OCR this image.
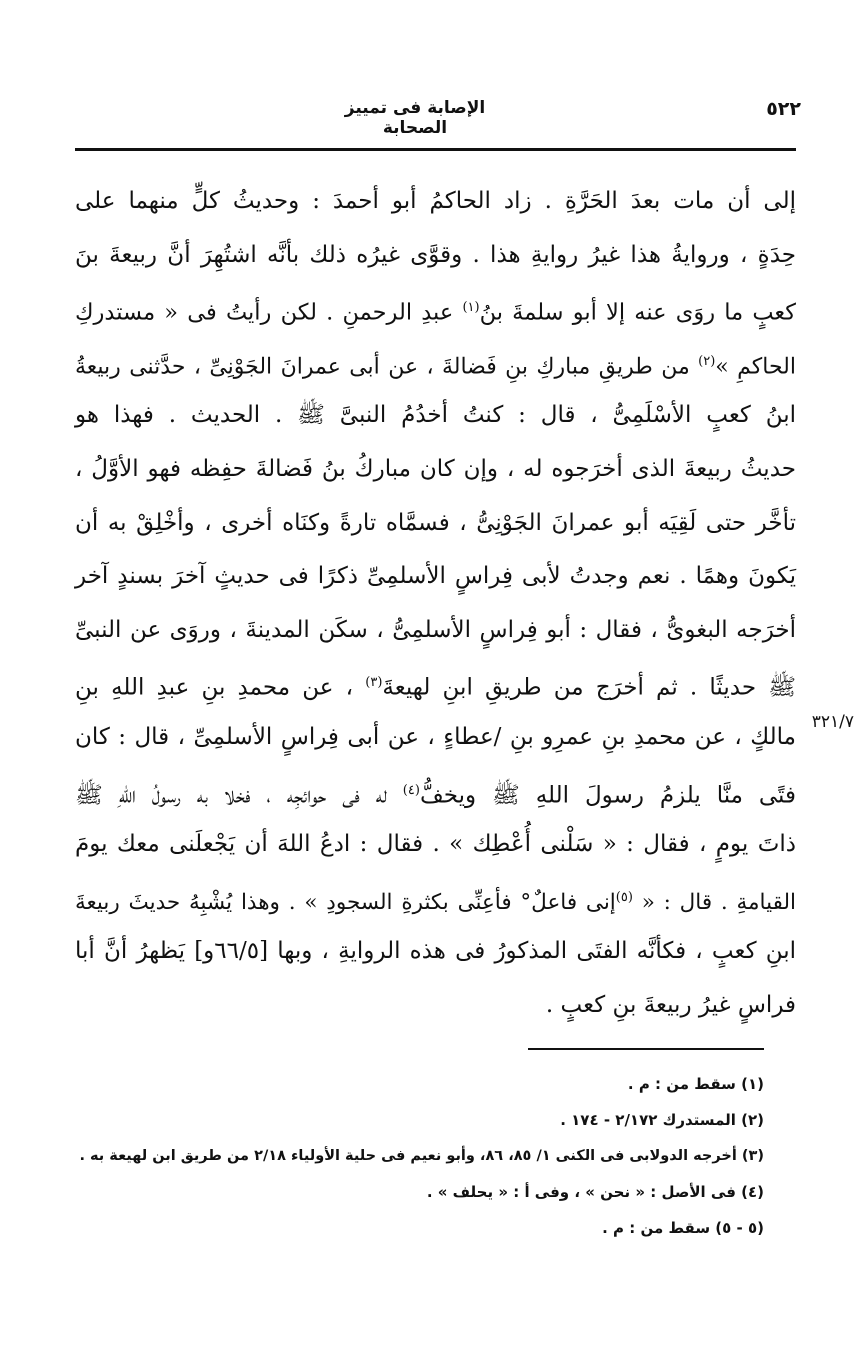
٥٢٢
الإصابة فى تمييز الصحابة
٣٢١/٧
إلى أن مات بعدَ الحَرَّةِ . زاد الحاكمُ أبو أحمدَ : وحديثُ كلٍّ منهما على
حِدَةٍ ، وروايةُ هذا غيرُ روايةِ هذا . وقوَّى غيرُه ذلك بأنَّه اشتُهِرَ أنَّ ربيعةَ بنَ
كعبٍ ما روَى عنه إلا أبو سلمةَ بنُ$^{(١)}$ عبدِ الرحمنِ . لكن رأيتُ فى « مستدركِ
الحاكمِ »$^{(٢)}$ من طريقِ مباركِ بنِ فَضالةَ ، عن أبى عمرانَ الجَوْنِىِّ ، حدَّثنى ربيعةُ
ابنُ كعبٍ الأسْلَمِىُّ ، قال : كنتُ أخدُمُ النبىَّ ﷺ . الحديث . فهذا هو
حديثُ ربيعةَ الذى أخرَجوه له ، وإن كان مباركُ بنُ فَضالةَ حفِظه فهو الأوَّلُ ،
تأخَّر حتى لَقِيَه أبو عمرانَ الجَوْنِىُّ ، فسمَّاه تارةً وكنَاه أخرى ، وأخْلِقْ به أن
يَكونَ وهمًا . نعم وجدتُ لأبى فِراسٍ الأسلمِىِّ ذكرًا فى حديثٍ آخرَ بسندٍ آخر
أخرَجه البغوىُّ ، فقال : أبو فِراسٍ الأسلمِىُّ ، سكَن المدينةَ ، وروَى عن النبىِّ
ﷺ حديثًا . ثم أخرَج من طريقِ ابنِ لهيعةَ$^{(٣)}$ ، عن محمدِ بنِ عبدِ اللهِ بنِ
مالكٍ ، عن محمدِ بنِ عمرِو بنِ /عطاءٍ ، عن أبى فِراسٍ الأسلمِىِّ ، قال : كان
فتًى منَّا يلزمُ رسولَ اللهِ ﷺ ويخفُّ$^{(٤)}$ له فى حوائجِه ، فخلا به رسولُ اللهِ ﷺ
ذاتَ يومٍ ، فقال : « سَلْنى أُعْطِك » . فقال : ادعُ اللهَ أن يَجْعلَنى معك يومَ
القيامةِ . قال : « $^{(٥)}$إنى فاعلٌ° فأعِنِّى بكثرةِ السجودِ » . وهذا يُشْبِهُ حديثَ ربيعةَ
ابنِ كعبٍ ، فكأنَّه الفتَى المذكورُ فى هذه الروايةِ ، وبها [٦٦/٥و] يَظهرُ أنَّ أبا
فراسٍ غيرُ ربيعةَ بنِ كعبٍ .
(١) سقط من : م .
(٢) المستدرك ٢/١٧٢ - ١٧٤ .
(٣) أخرجه الدولابى فى الكنى ١/ ٨٥، ٨٦، وأبو نعيم فى حلية الأولياء ٢/١٨ من طريق ابن لهيعة به .
(٤) فى الأصل : « نحن » ، وفى أ : « يحلف » .
(٥ - ٥) سقط من : م .
